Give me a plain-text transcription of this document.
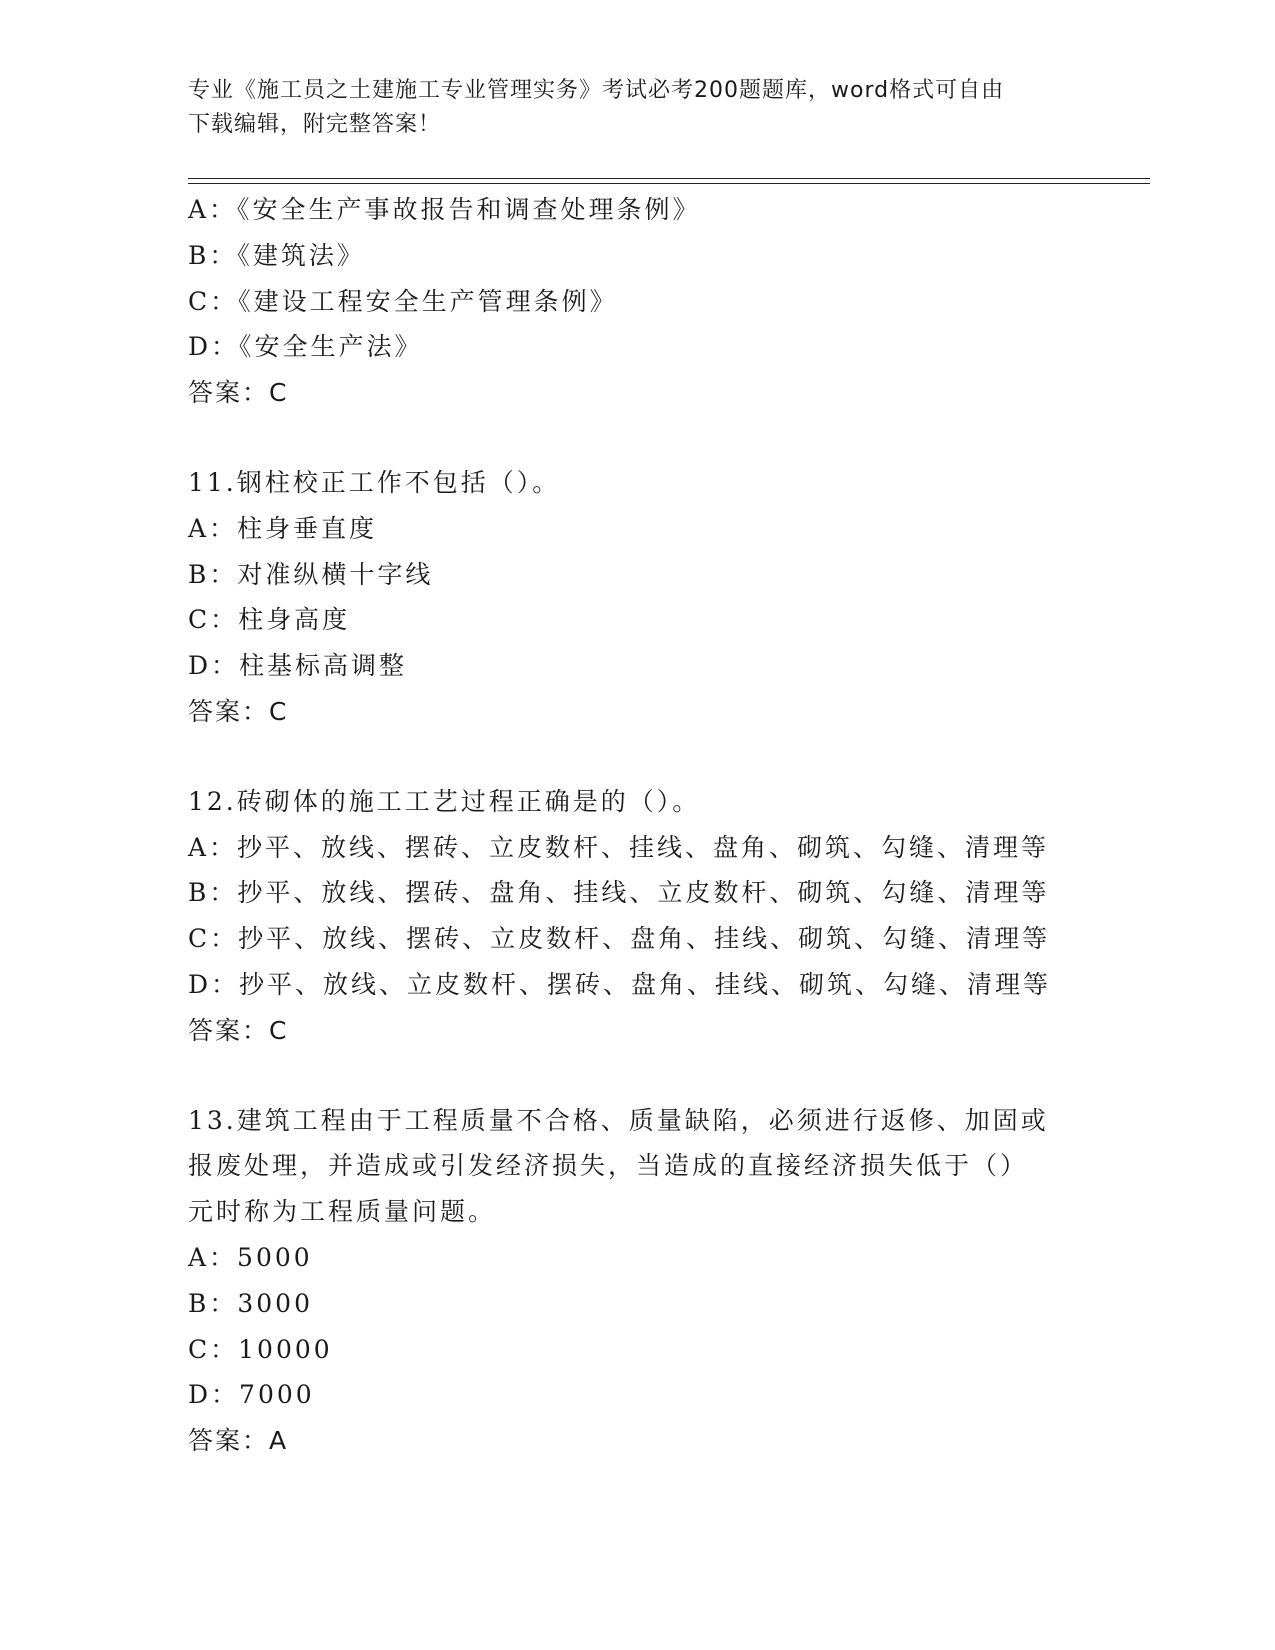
专业《施工员之土建施工专业管理实务》考试必考200题题库，word格式可自由
下载编辑，附完整答案！
A：《安全生产事故报告和调查处理条例》
B：《建筑法》
C：《建设工程安全生产管理条例》
D：《安全生产法》
答案：C
11.钢柱校正工作不包括（）。
A：柱身垂直度
B：对准纵横十字线
C：柱身高度
D：柱基标高调整
答案：C
12.砖砌体的施工工艺过程正确是的（）。
A：抄平、放线、摆砖、立皮数杆、挂线、盘角、砌筑、勾缝、清理等
B：抄平、放线、摆砖、盘角、挂线、立皮数杆、砌筑、勾缝、清理等
C：抄平、放线、摆砖、立皮数杆、盘角、挂线、砌筑、勾缝、清理等
D：抄平、放线、立皮数杆、摆砖、盘角、挂线、砌筑、勾缝、清理等
答案：C
13.建筑工程由于工程质量不合格、质量缺陷，必须进行返修、加固或
报废处理，并造成或引发经济损失，当造成的直接经济损失低于（）
元时称为工程质量问题。
A：5000
B：3000
C：10000
D：7000
答案：A
